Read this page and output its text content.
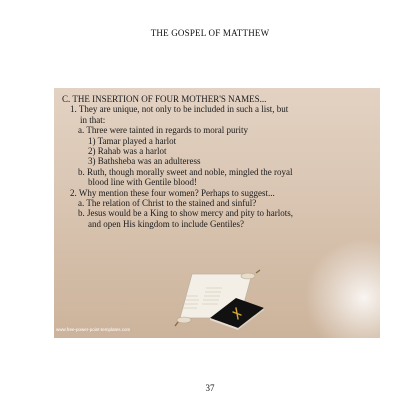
THE GOSPEL OF MATTHEW
C. THE INSERTION OF FOUR MOTHER'S NAMES...
1. They are unique, not only to be included in such a list, but
in that:
a. Three were tainted in regards to moral purity
1) Tamar played a harlot
2) Rahab was a harlot
3) Bathsheba was an adulteress
b. Ruth, though morally sweet and noble, mingled the royal
blood line with Gentile blood!
2. Why mention these four women? Perhaps to suggest...
a. The relation of Christ to the stained and sinful?
b. Jesus would be a King to show mercy and pity to harlots,
and open His kingdom to include Gentiles?
www.free-power-point-templates.com
37
